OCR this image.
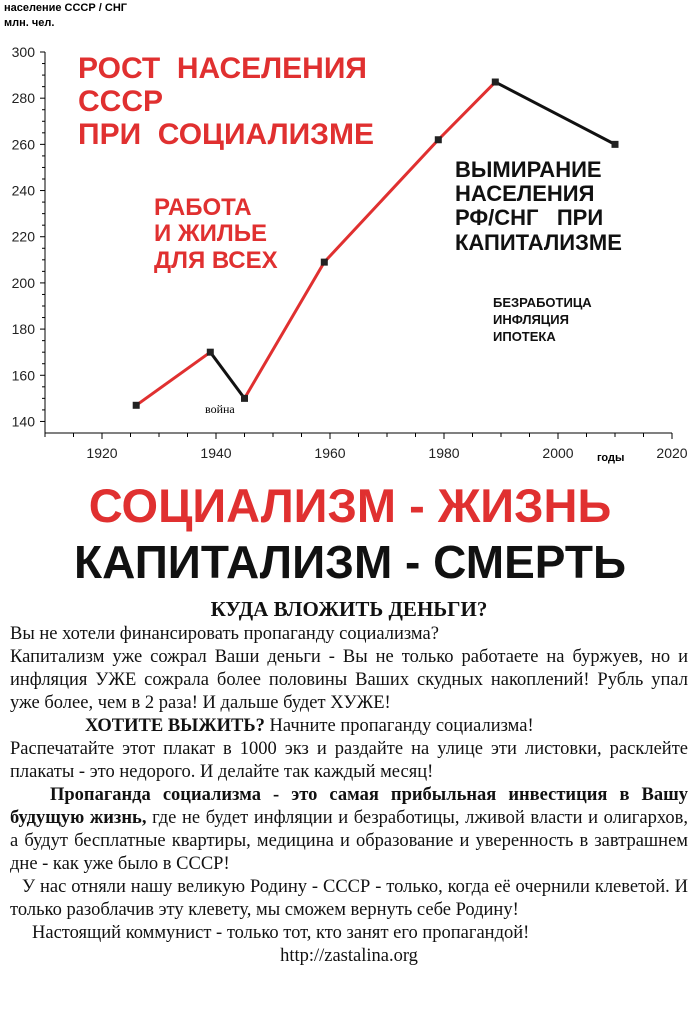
140
160
180
200
220
240
260
280
300
1920	1940	1960	1980	2000	2020
население СССР / СНГ
млн. чел.
РОСТ  НАСЕЛЕНИЯ
СССР
ПРИ  СОЦИАЛИЗМЕ
РАБОТА
И ЖИЛЬЕ
ДЛЯ ВСЕХ
ВЫМИРАНИЕ
НАСЕЛЕНИЯ
РФ/СНГ   ПРИ
КАПИТАЛИЗМЕ
БЕЗРАБОТИЦА
ИНФЛЯЦИЯ
ИПОТЕКА
война
годы
СОЦИАЛИЗМ - ЖИЗНЬ
КАПИТАЛИЗМ - СМЕРТЬ
КУДА ВЛОЖИТЬ ДЕНЬГИ?

Вы не хотели финансировать пропаганду социализма?

Капитализм уже сожрал Ваши деньги - Вы не только работаете на буржуев, но и инфляция УЖЕ сожрала более половины Ваших скудных накоплений! Рубль упал уже более, чем в 2 раза! И дальше будет ХУЖЕ!

ХОТИТЕ ВЫЖИТЬ? Начните пропаганду социализма!

Распечатайте этот плакат в 1000 экз и раздайте на улице эти листовки, расклейте плакаты - это недорого. И делайте так каждый месяц!

Пропаганда социализма - это самая прибыльная инвестиция в Вашу будущую жизнь, где не будет инфляции и безработицы, лживой власти и олигархов, а будут бесплатные квартиры, медицина и образование и уверенность в завтрашнем дне - как уже было в СССР!

У нас отняли нашу великую Родину - СССР - только, когда её очернили клеветой. И только разоблачив эту клевету, мы сможем вернуть себе Родину!

Настоящий коммунист - только тот, кто занят его пропагандой!

http://zastalina.org
